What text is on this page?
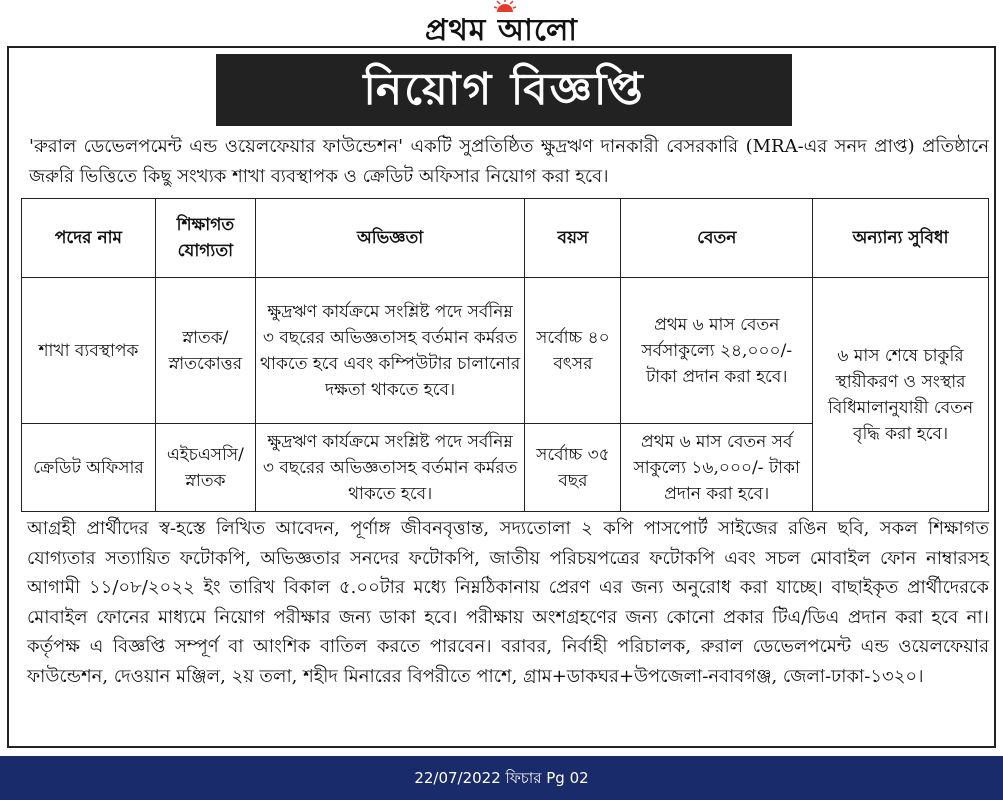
প্রথম আলো
নিয়োগ বিজ্ঞপ্তি
'রুরাল ডেভেলপমেন্ট এন্ড ওয়েলফেয়ার ফাউন্ডেশন' একটি সুপ্রতিষ্ঠিত ক্ষুদ্রঋণ দানকারী বেসরকারি (MRA-এর সনদ প্রাপ্ত) প্রতিষ্ঠানে জরুরি ভিত্তিতে কিছু সংখ্যক শাখা ব্যবস্থাপক ও ক্রেডিট অফিসার নিয়োগ করা হবে।
পদের নাম	শিক্ষাগত যোগ্যতা	অভিজ্ঞতা	বয়স	বেতন	অন্যান্য সুবিধা
শাখা ব্যবস্থাপক	স্নাতক/ স্নাতকোত্তর	ক্ষুদ্রঋণ কার্যক্রমে সংশ্লিষ্ট পদে সর্বনিম্ন ৩ বছরের অভিজ্ঞতাসহ বর্তমান কর্মরত থাকতে হবে এবং কম্পিউটার চালানোর দক্ষতা থাকতে হবে।	সর্বোচ্চ ৪০ বৎসর	প্রথম ৬ মাস বেতন সর্বসাকুল্যে ২৪,০০০/- টাকা প্রদান করা হবে।	৬ মাস শেষে চাকুরি স্থায়ীকরণ ও সংস্থার বিধিমালানুযায়ী বেতন বৃদ্ধি করা হবে।
ক্রেডিট অফিসার	এইচএসসি/ স্নাতক	ক্ষুদ্রঋণ কার্যক্রমে সংশ্লিষ্ট পদে সর্বনিম্ন ৩ বছরের অভিজ্ঞতাসহ বর্তমান কর্মরত থাকতে হবে।	সর্বোচ্চ ৩৫ বছর	প্রথম ৬ মাস বেতন সর্ব সাকুল্যে ১৬,০০০/- টাকা প্রদান করা হবে।	
আগ্রহী প্রার্থীদের স্ব-হস্তে লিখিত আবেদন, পূর্ণাঙ্গ জীবনবৃত্তান্ত, সদ্যতোলা ২ কপি পাসপোর্ট সাইজের রঙিন ছবি, সকল শিক্ষাগত যোগ্যতার সত্যায়িত ফটোকপি, অভিজ্ঞতার সনদের ফটোকপি, জাতীয় পরিচয়পত্রের ফটোকপি এবং সচল মোবাইল ফোন নাম্বারসহ আগামী ১১/০৮/২০২২ ইং তারিখ বিকাল ৫.০০টার মধ্যে নিম্নঠিকানায় প্রেরণ এর জন্য অনুরোধ করা যাচ্ছে। বাছাইকৃত প্রার্থীদেরকে মোবাইল ফোনের মাধ্যমে নিয়োগ পরীক্ষার জন্য ডাকা হবে। পরীক্ষায় অংশগ্রহণের জন্য কোনো প্রকার টিএ/ডিএ প্রদান করা হবে না। কর্তৃপক্ষ এ বিজ্ঞপ্তি সম্পূর্ণ বা আংশিক বাতিল করতে পারবেন। বরাবর, নির্বাহী পরিচালক, রুরাল ডেভেলপমেন্ট এন্ড ওয়েলফেয়ার ফাউন্ডেশন, দেওয়ান মঞ্জিল, ২য় তলা, শহীদ মিনারের বিপরীতে পাশে, গ্রাম+ডাকঘর+উপজেলা-নবাবগঞ্জ, জেলা-ঢাকা-১৩২০।
22/07/2022 ফিচার Pg 02
